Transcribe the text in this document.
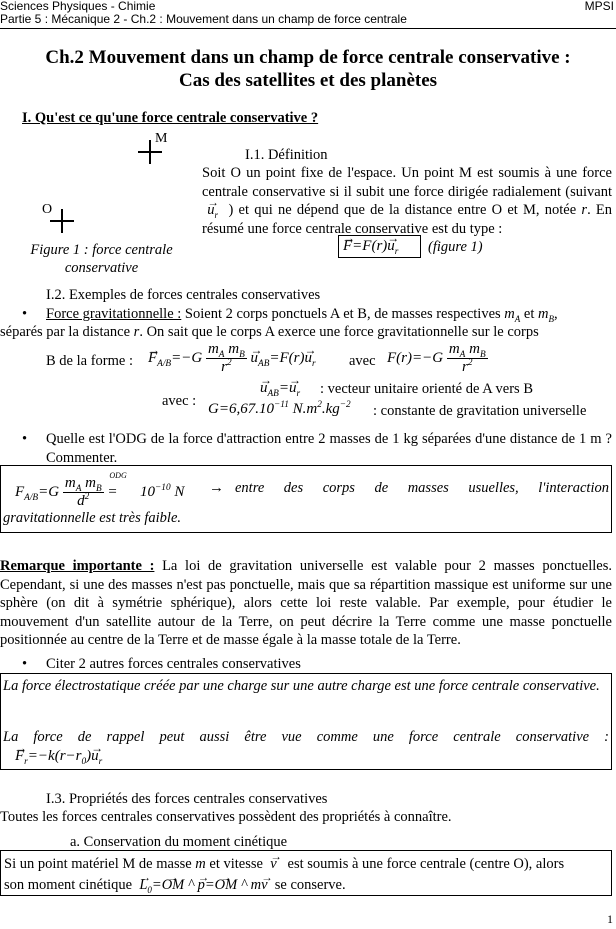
Sciences Physiques - Chimie
Partie 5 : Mécanique 2 - Ch.2 : Mouvement dans un champ de force centrale
MPSI
Ch.2 Mouvement dans un champ de force centrale conservative :
Cas des satellites et des planètes
I. Qu'est ce qu'une force centrale conservative ?
M
O
Figure 1 : force centrale
conservative
I.1. Définition
Soit O un point fixe de l'espace. Un point M est soumis à une force centrale conservative si il subit une force dirigée radialement (suivant  → $u_r$ ) et qui ne dépend que de la distance entre O et M, notée r. En résumé une force centrale conservative est du type :
→ $F=F(r)\to u_r$	(figure 1)
I.2. Exemples de forces centrales conservatives
Force gravitationnelle : Soient 2 corps ponctuels A et B, de masses respectives $m_A$ et $m_B$,
séparés par la distance r. On sait que le corps A exerce une force gravitationnelle sur le corps
B de la forme :
→ $F_{A/B}=-G \frac{m_A m_B}{r^2}$
→ $u_{AB}=F(r)\to u_r$ avec $F(r)=-G \frac{m_A m_B}{r^2}$
→ $u_{AB}=\to u_r$ : vecteur unitaire orienté de A vers B
avec : $G=6,67.10^{-11}$ $N.m^2.kg^{-2}$ : constante de gravitation universelle
Quelle est l'ODG de la force d'attraction entre 2 masses de 1 kg séparées d'une distance de 1 m ? Commenter.
$F_{A/B}=G \frac{m_A m_B}{d^2}$ =
ODG
$10^{-10}$ N → entre des corps de masses usuelles, l'interaction
gravitationnelle est très faible.
Remarque importante : La loi de gravitation universelle est valable pour 2 masses ponctuelles. Cependant, si une des masses n'est pas ponctuelle, mais que sa répartition massique est uniforme sur une sphère (on dit à symétrie sphérique), alors cette loi reste valable. Par exemple, pour étudier le mouvement d'un satellite autour de la Terre, on peut décrire la Terre comme une masse ponctuelle positionnée au centre de la Terre et de masse égale à la masse totale de la Terre.
Citer 2 autres forces centrales conservatives
La force électrostatique créée par une charge sur une autre charge est une force centrale conservative.
La force de rappel peut aussi être vue comme une force centrale conservative :
→ $F_r=-k(r-r_0)\to u_r$
I.3. Propriétés des forces centrales conservatives
Toutes les forces centrales conservatives possèdent des propriétés à connaître.
a. Conservation du moment cinétique
Si un point matériel M de masse m et vitesse  → v est soumis à une force centrale (centre O), alors
son moment cinétique  → $L_0=\to$ OM ^ → p=→ OM ^ m→ v se conserve.
1
